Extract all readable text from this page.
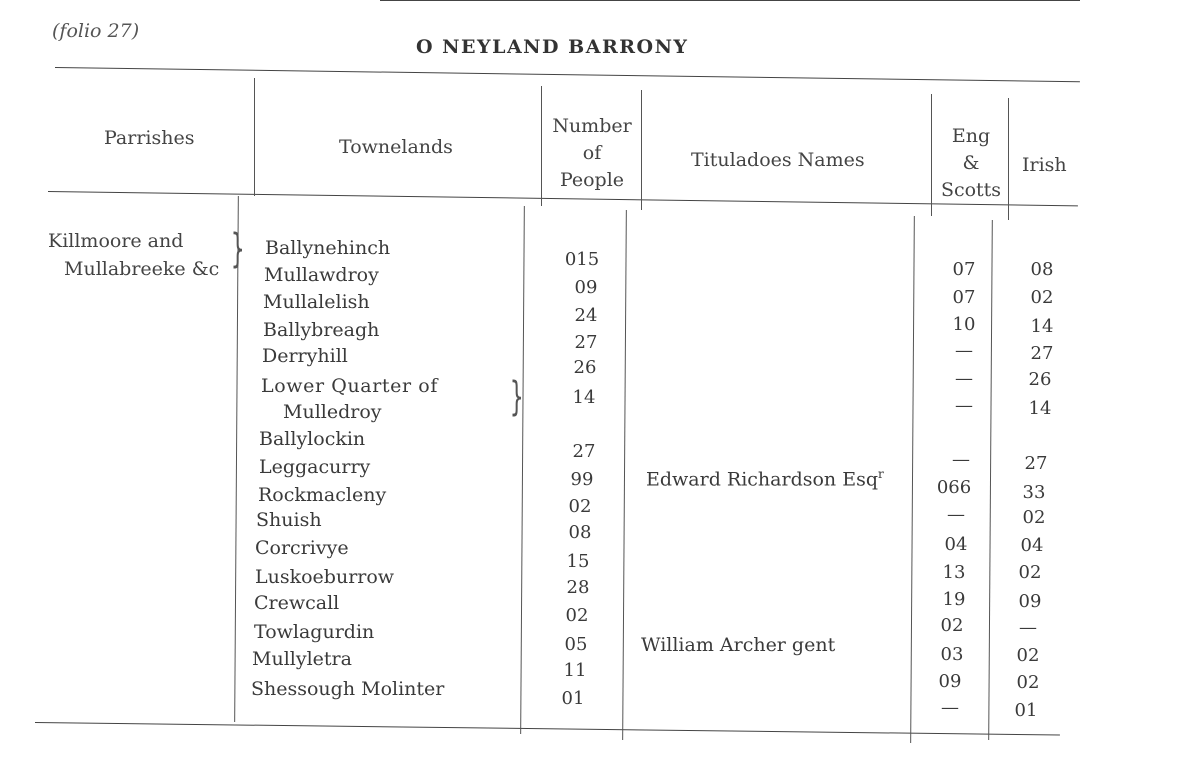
(folio 27)
O NEYLAND BARRONY
Parrishes	Townelands
Number
of
People
Tituladoes Names
Eng
&
Scotts
Irish
Killmoore and
Mullabreeke &c } Ballynehinch
Mullawdroy
Mullalelish
Ballybreagh
Derryhill
Lower Quarter of
Mulledroy	}
Ballylockin
Leggacurry
Rockmacleny
Shuish
Corcrivye
Luskoeburrow
Crewcall
Towlagurdin
Mullyletra
Shessough Molinter
015
09
24
27
26
14
27
99
02
08
15
28
02
05
11
01
Edward Richardson Esq$^r$
William Archer gent
07
07
10
—
—
—
—
066
—
04
13
19
02
03
09
—
08
02
14
27
26
14
27
33
02
04
02
09
—
02
02
01
